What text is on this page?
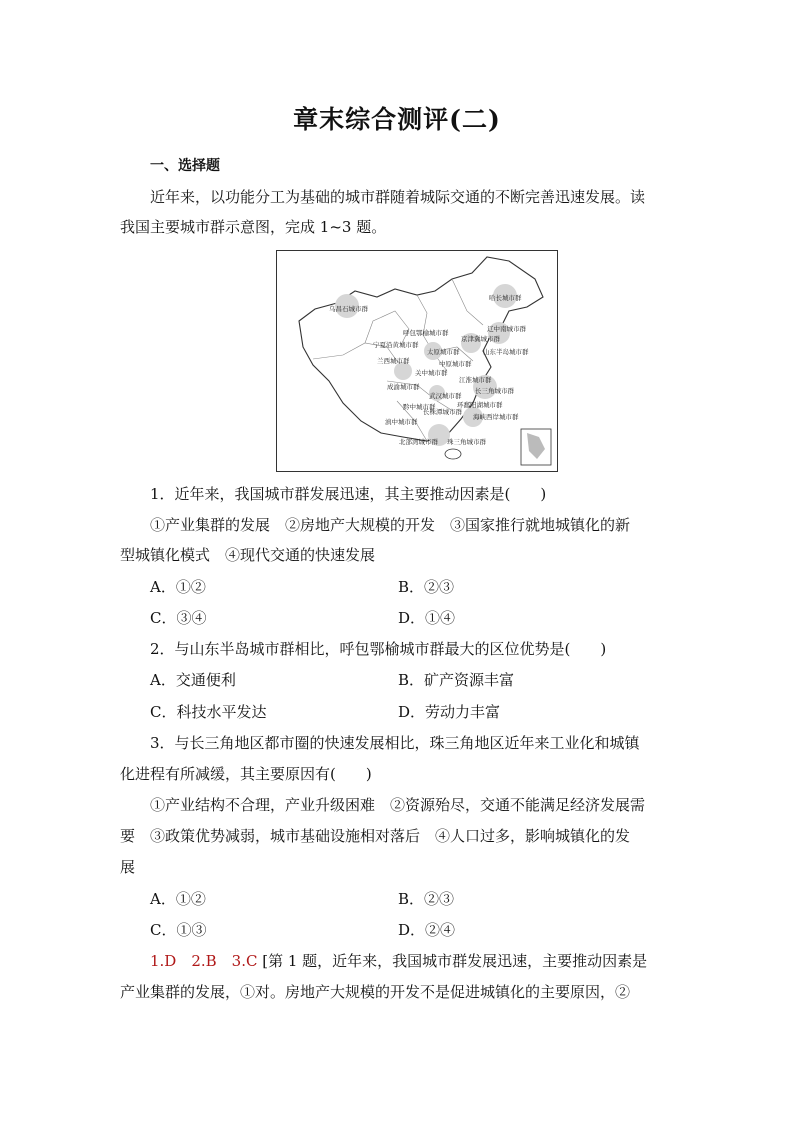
章末综合测评(二)
一、选择题
近年来，以功能分工为基础的城市群随着城际交通的不断完善迅速发展。读
我国主要城市群示意图，完成 1~3 题。
乌昌石城市群
哈长城市群
辽中南城市群
呼包鄂榆城市群
京津冀城市群
宁夏沿黄城市群
太原城市群	山东半岛城市群
兰西城市群	中原城市群
关中城市群
江淮城市群
成渝城市群	长三角城市群
武汉城市群
黔中城市群	环鄱阳湖城市群
长株潭城市群
海峡西岸城市群
滇中城市群
北部湾城市群 珠三角城市群
1．近年来，我国城市群发展迅速，其主要推动因素是(　　)
①产业集群的发展　②房地产大规模的开发　③国家推行就地城镇化的新
型城镇化模式　④现代交通的快速发展
A．①②	B．②③
C．③④	D．①④
2．与山东半岛城市群相比，呼包鄂榆城市群最大的区位优势是(　　)
A．交通便利	B．矿产资源丰富
C．科技水平发达	D．劳动力丰富
3．与长三角地区都市圈的快速发展相比，珠三角地区近年来工业化和城镇
化进程有所减缓，其主要原因有(　　)
①产业结构不合理，产业升级困难　②资源殆尽，交通不能满足经济发展需
要　③政策优势减弱，城市基础设施相对落后　④人口过多，影响城镇化的发
展
A．①②	B．②③
C．①③	D．②④
1.D　2.B　3.C [第 1 题，近年来，我国城市群发展迅速，主要推动因素是
产业集群的发展，①对。房地产大规模的开发不是促进城镇化的主要原因，②
